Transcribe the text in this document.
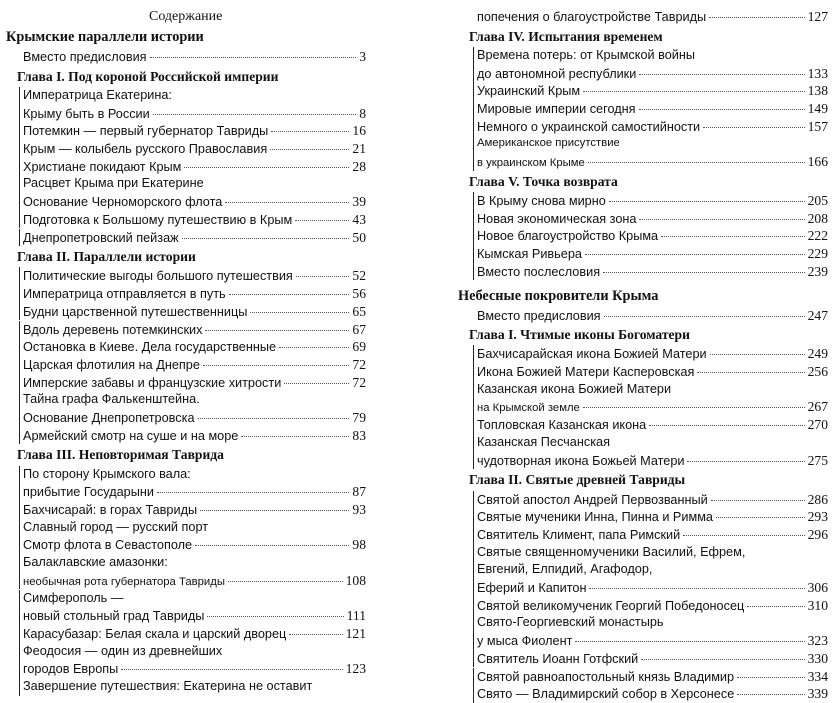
Содержание
Крымские параллели истории
Вместо предисловия	3
Глава I. Под короной Российской империи
Императрица Екатерина:
Крыму быть в России	8
Потемкин — первый губернатор Тавриды	16
Крым — колыбель русского Православия	21
Христиане покидают Крым	28
Расцвет Крыма при Екатерине
Основание Черноморского флота	39
Подготовка к Большому путешествию в Крым	43
Днепропетровский пейзаж	50
Глава II. Параллели истории
Политические выгоды большого путешествия	52
Императрица отправляется в путь	56
Будни царственной путешественницы	65
Вдоль деревень потемкинских	67
Остановка в Киеве. Дела государственные	69
Царская флотилия на Днепре	72
Имперские забавы и французские хитрости	72
Тайна графа Фалькенштейна.
Основание Днепропетровска	79
Армейский смотр на суше и на море	83
Глава III. Неповторимая Таврида
По сторону Крымского вала:
прибытие Государыни	87
Бахчисарай: в горах Тавриды	93
Славный город — русский порт
Смотр флота в Севастополе	98
Балаклавские амазонки:
необычная рота губернатора Тавриды	108
Симферополь —
новый стольный град Тавриды	111
Карасубазар: Белая скала и царский дворец	121
Феодосия — один из древнейших
городов Европы	123
Завершение путешествия: Екатерина не оставит
попечения о благоустройстве Тавриды	127
Глава IV. Испытания временем
Времена потерь: от Крымской войны
до автономной республики	133
Украинский Крым	138
Мировые империи сегодня	149
Немного о украинской самостийности	157
Американское присутствие
в украинском Крыме	166
Глава V. Точка возврата
В Крыму снова мирно	205
Новая экономическая зона	208
Новое благоустройство Крыма	222
Кымская Ривьера	229
Вместо послесловия	239
Небесные покровители Крыма
Вместо предисловия	247
Глава I. Чтимые иконы Богоматери
Бахчисарайская икона Божией Матери	249
Икона Божией Матери Касперовская	256
Казанская икона Божией Матери
на Крымской земле	267
Топловская Казанская икона	270
Казанская Песчанская
чудотворная икона Божьей Матери	275
Глава II. Святые древней Тавриды
Святой апостол Андрей Первозванный	286
Святые мученики Инна, Пинна и Римма	293
Святитель Климент, папа Римский	296
Святые священномученики Василий, Ефрем,
Евгений, Елпидий, Агафодор,
Еферий и Капитон	306
Святой великомученик Георгий Победоносец	310
Свято-Георгиевский монастырь
у мыса Фиолент	323
Святитель Иоанн Готфский	330
Святой равноапостольный князь Владимир	334
Свято — Владимирский собор в Херсонесе	339
